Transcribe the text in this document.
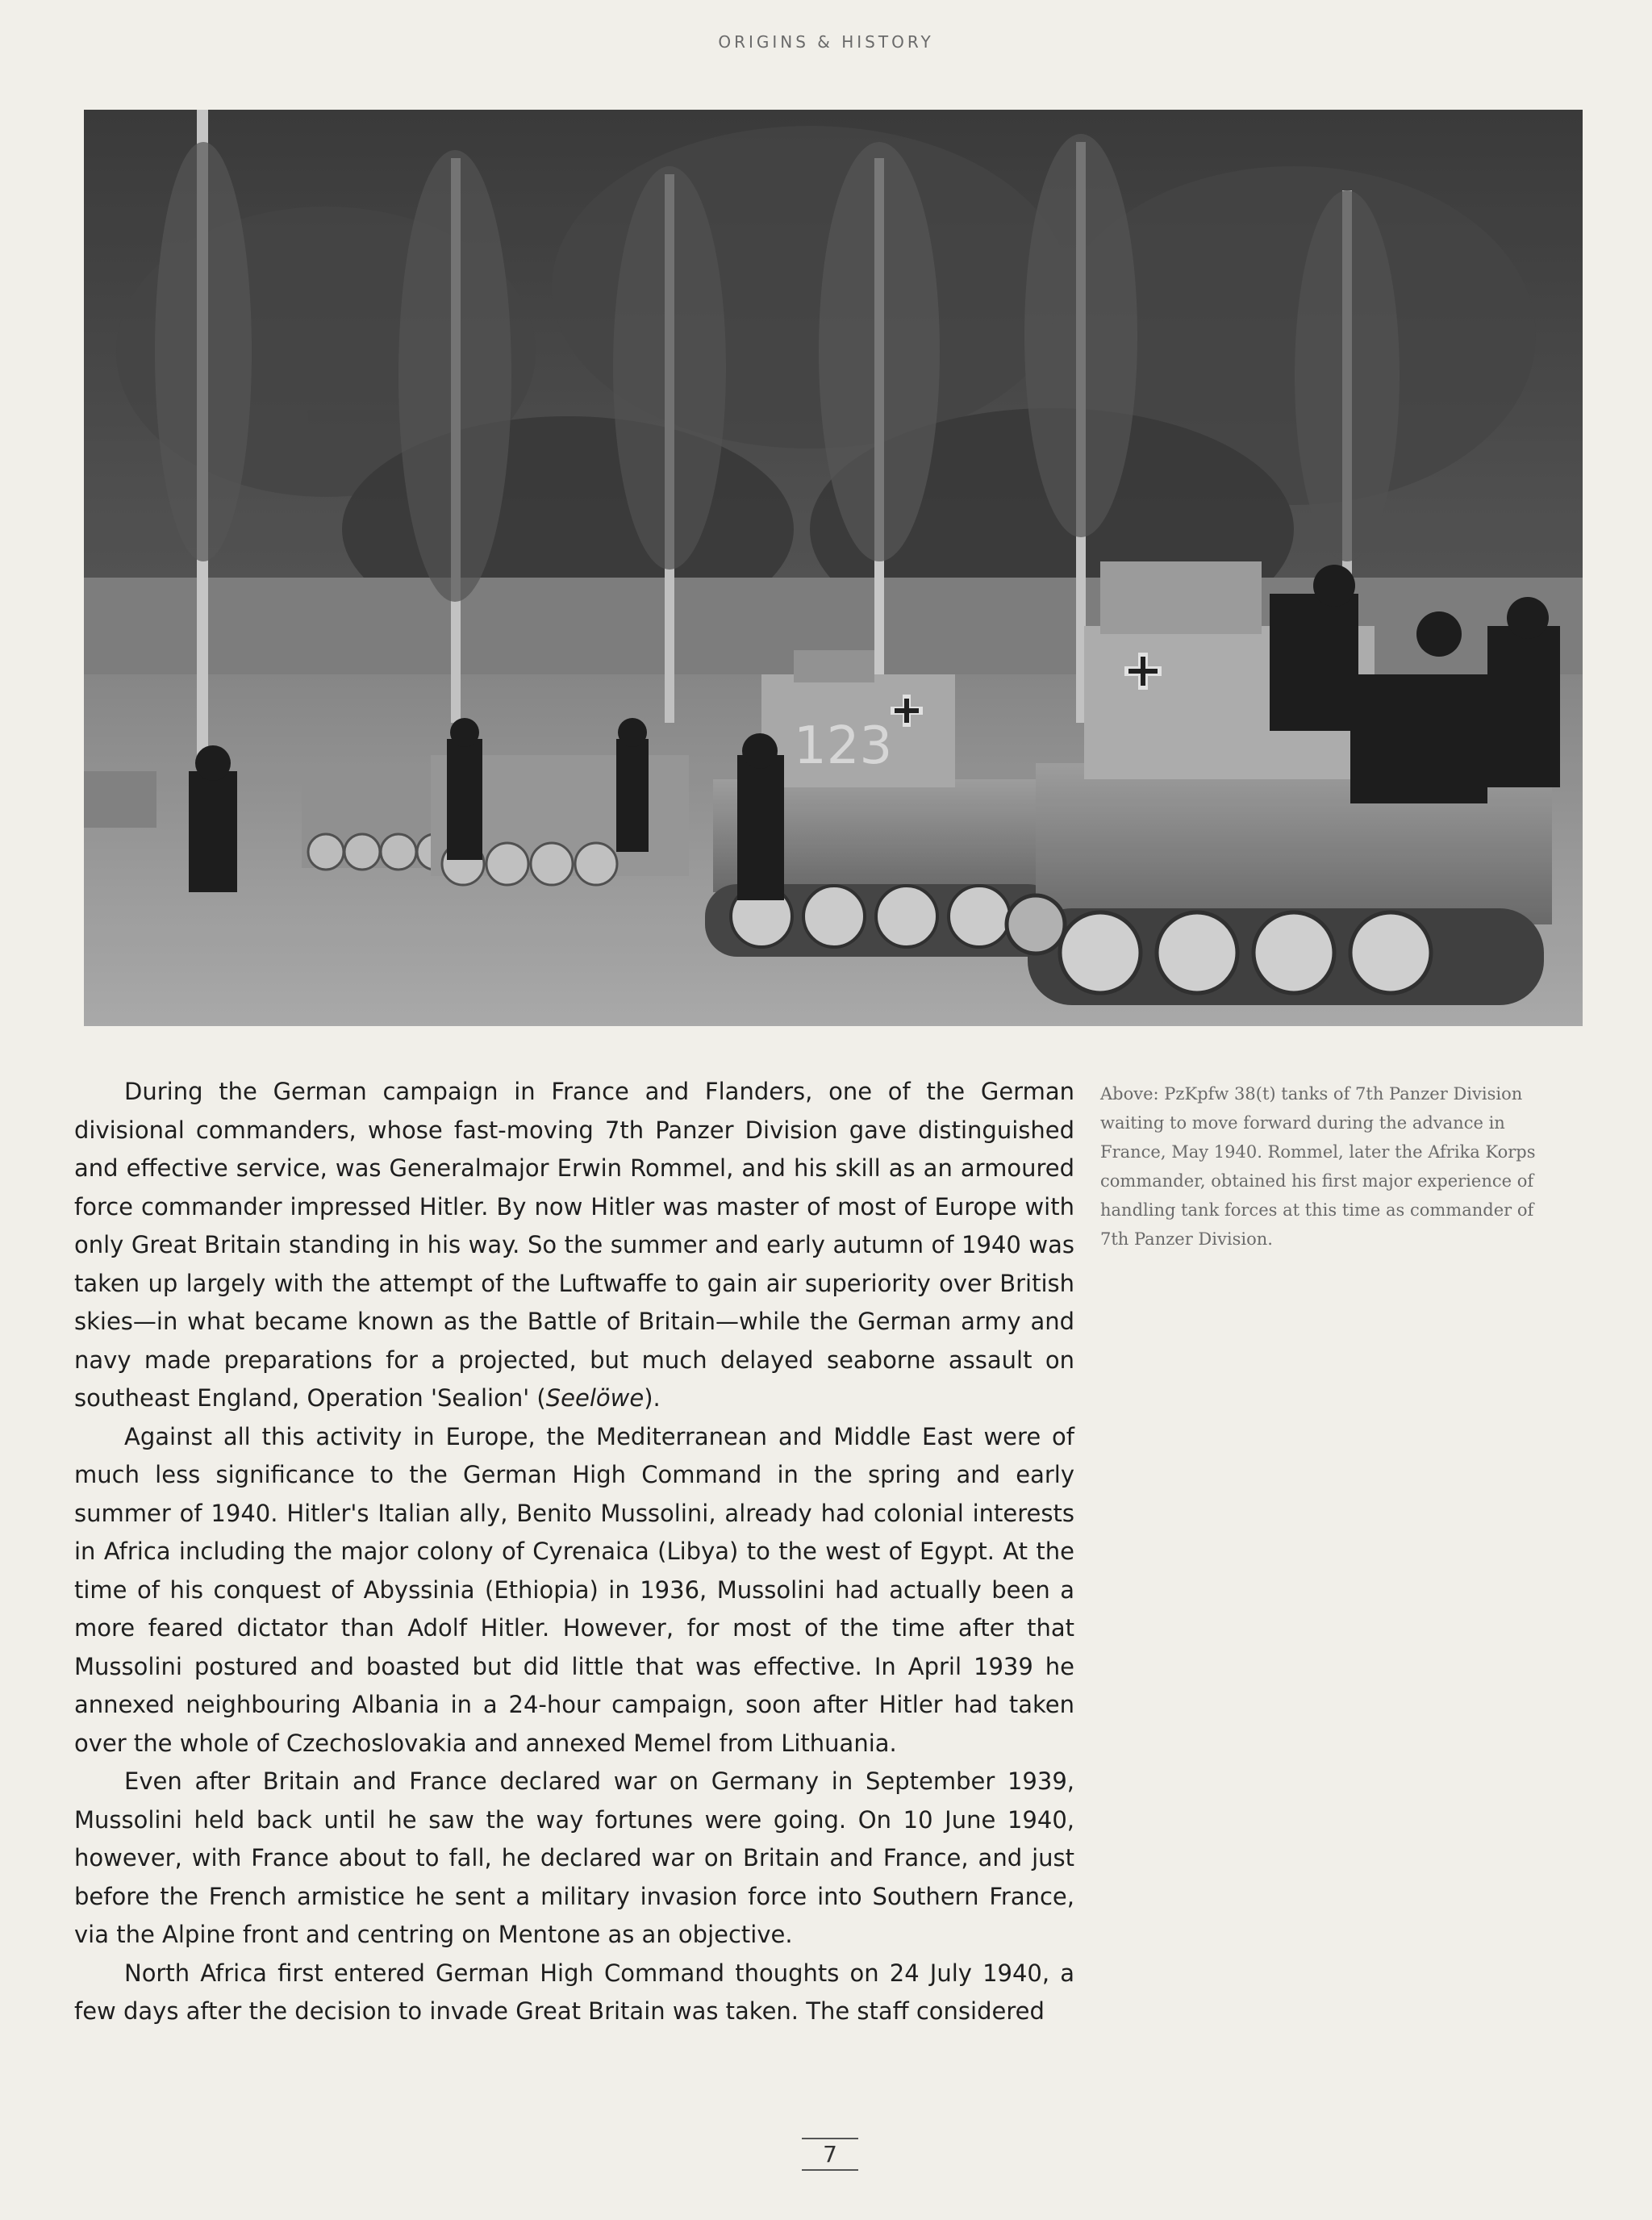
ORIGINS & HISTORY
123

During the German campaign in France and Flanders, one of the German divisional commanders, whose fast-moving 7th Panzer Division gave distinguished and effective service, was Generalmajor Erwin Rommel, and his skill as an armoured force commander impressed Hitler. By now Hitler was master of most of Europe with only Great Britain standing in his way. So the summer and early autumn of 1940 was taken up largely with the attempt of the Luftwaffe to gain air superiority over British skies—in what became known as the Battle of Britain—while the German army and navy made preparations for a projected, but much delayed seaborne assault on southeast England, Operation 'Sealion' (Seelöwe).

Against all this activity in Europe, the Mediterranean and Middle East were of much less significance to the German High Command in the spring and early summer of 1940. Hitler's Italian ally, Benito Mussolini, already had colonial interests in Africa including the major colony of Cyrenaica (Libya) to the west of Egypt. At the time of his conquest of Abyssinia (Ethiopia) in 1936, Mussolini had actually been a more feared dictator than Adolf Hitler. However, for most of the time after that Mussolini postured and boasted but did little that was effective. In April 1939 he annexed neighbouring Albania in a 24-hour campaign, soon after Hitler had taken over the whole of Czechoslovakia and annexed Memel from Lithuania.

Even after Britain and France declared war on Germany in September 1939, Mussolini held back until he saw the way fortunes were going. On 10 June 1940, however, with France about to fall, he declared war on Britain and France, and just before the French armistice he sent a military invasion force into Southern France, via the Alpine front and centring on Mentone as an objective.

North Africa first entered German High Command thoughts on 24 July 1940, a few days after the decision to invade Great Britain was taken. The staff considered

Above: PzKpfw 38(t) tanks of 7th Panzer Division waiting to move forward during the advance in France, May 1940. Rommel, later the Afrika Korps commander, obtained his first major experience of handling tank forces at this time as commander of 7th Panzer Division.
7
